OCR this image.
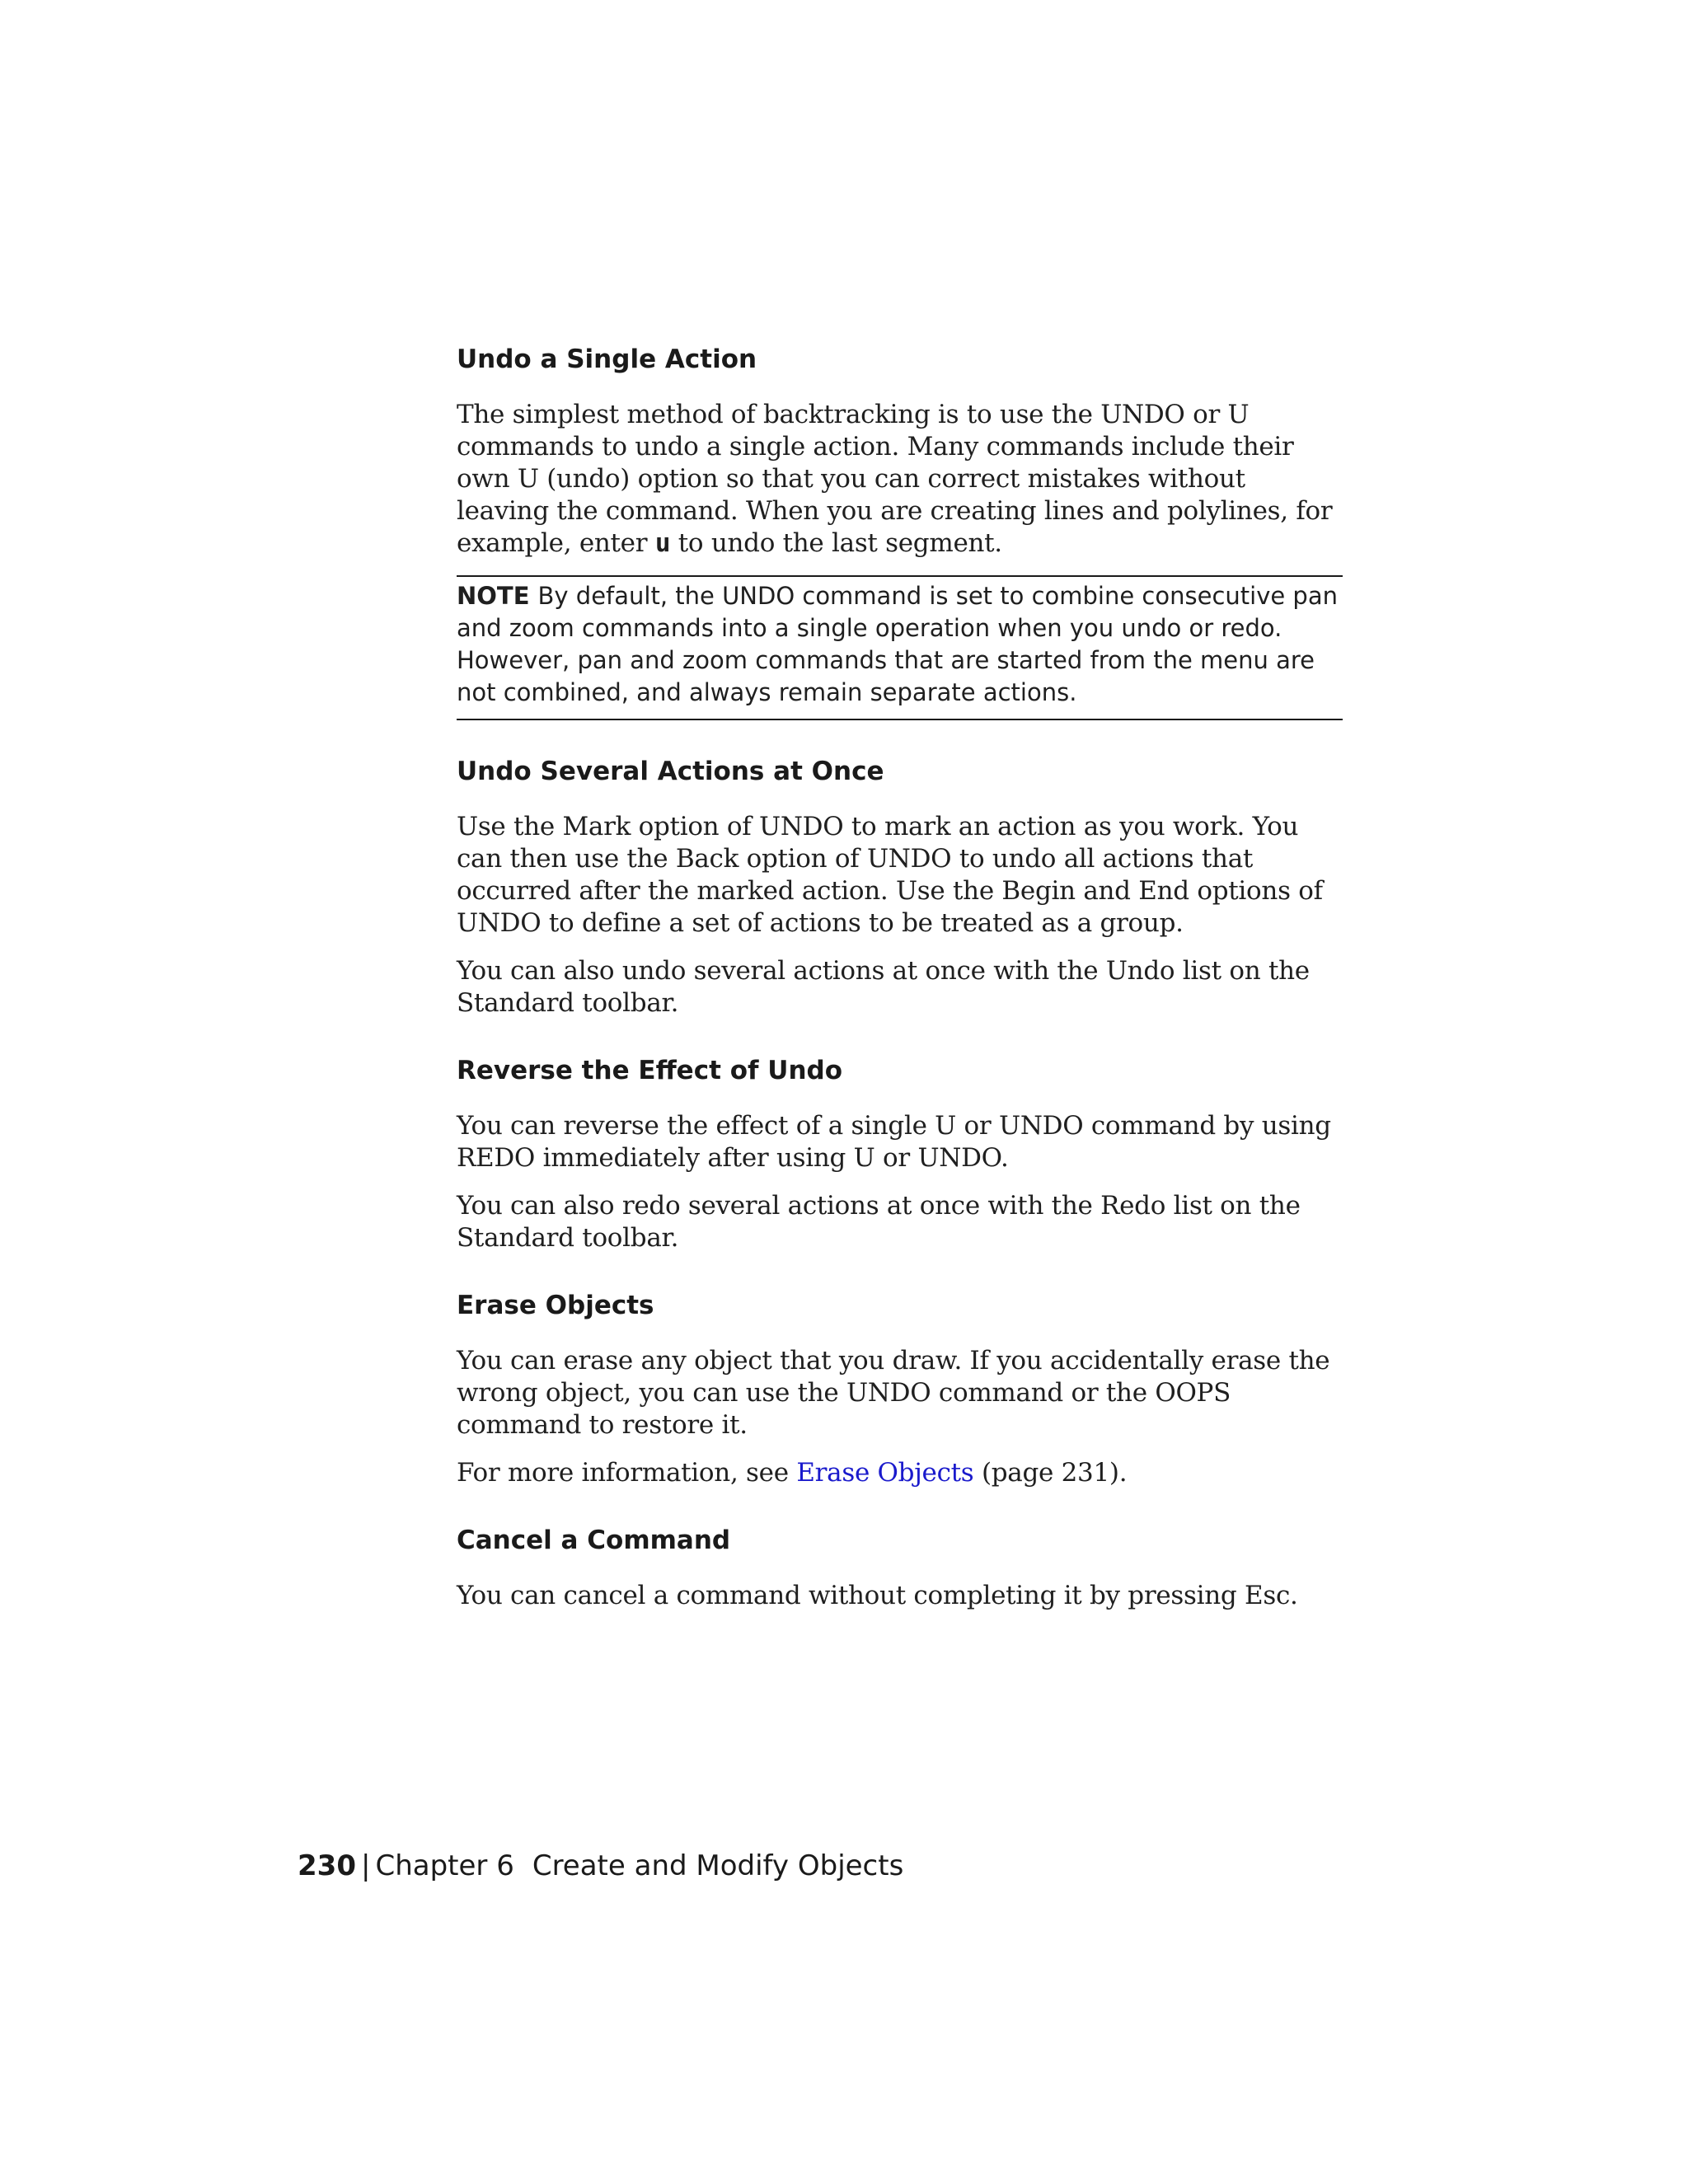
Undo a Single Action

The simplest method of backtracking is to use the UNDO or U commands to undo a single action. Many commands include their own U (undo) option so that you can correct mistakes without leaving the command. When you are creating lines and polylines, for example, enter u to undo the last segment.

NOTE By default, the UNDO command is set to combine consecutive pan and zoom commands into a single operation when you undo or redo. However, pan and zoom commands that are started from the menu are not combined, and always remain separate actions.
Undo Several Actions at Once

Use the Mark option of UNDO to mark an action as you work. You can then use the Back option of UNDO to undo all actions that occurred after the marked action. Use the Begin and End options of UNDO to define a set of actions to be treated as a group.

You can also undo several actions at once with the Undo list on the Standard toolbar.

Reverse the Effect of Undo

You can reverse the effect of a single U or UNDO command by using REDO immediately after using U or UNDO.

You can also redo several actions at once with the Redo list on the Standard toolbar.

Erase Objects

You can erase any object that you draw. If you accidentally erase the wrong object, you can use the UNDO command or the OOPS command to restore it.

For more information, see Erase Objects (page 231).

Cancel a Command

You can cancel a command without completing it by pressing Esc.

230 | Chapter 6 Create and Modify Objects
